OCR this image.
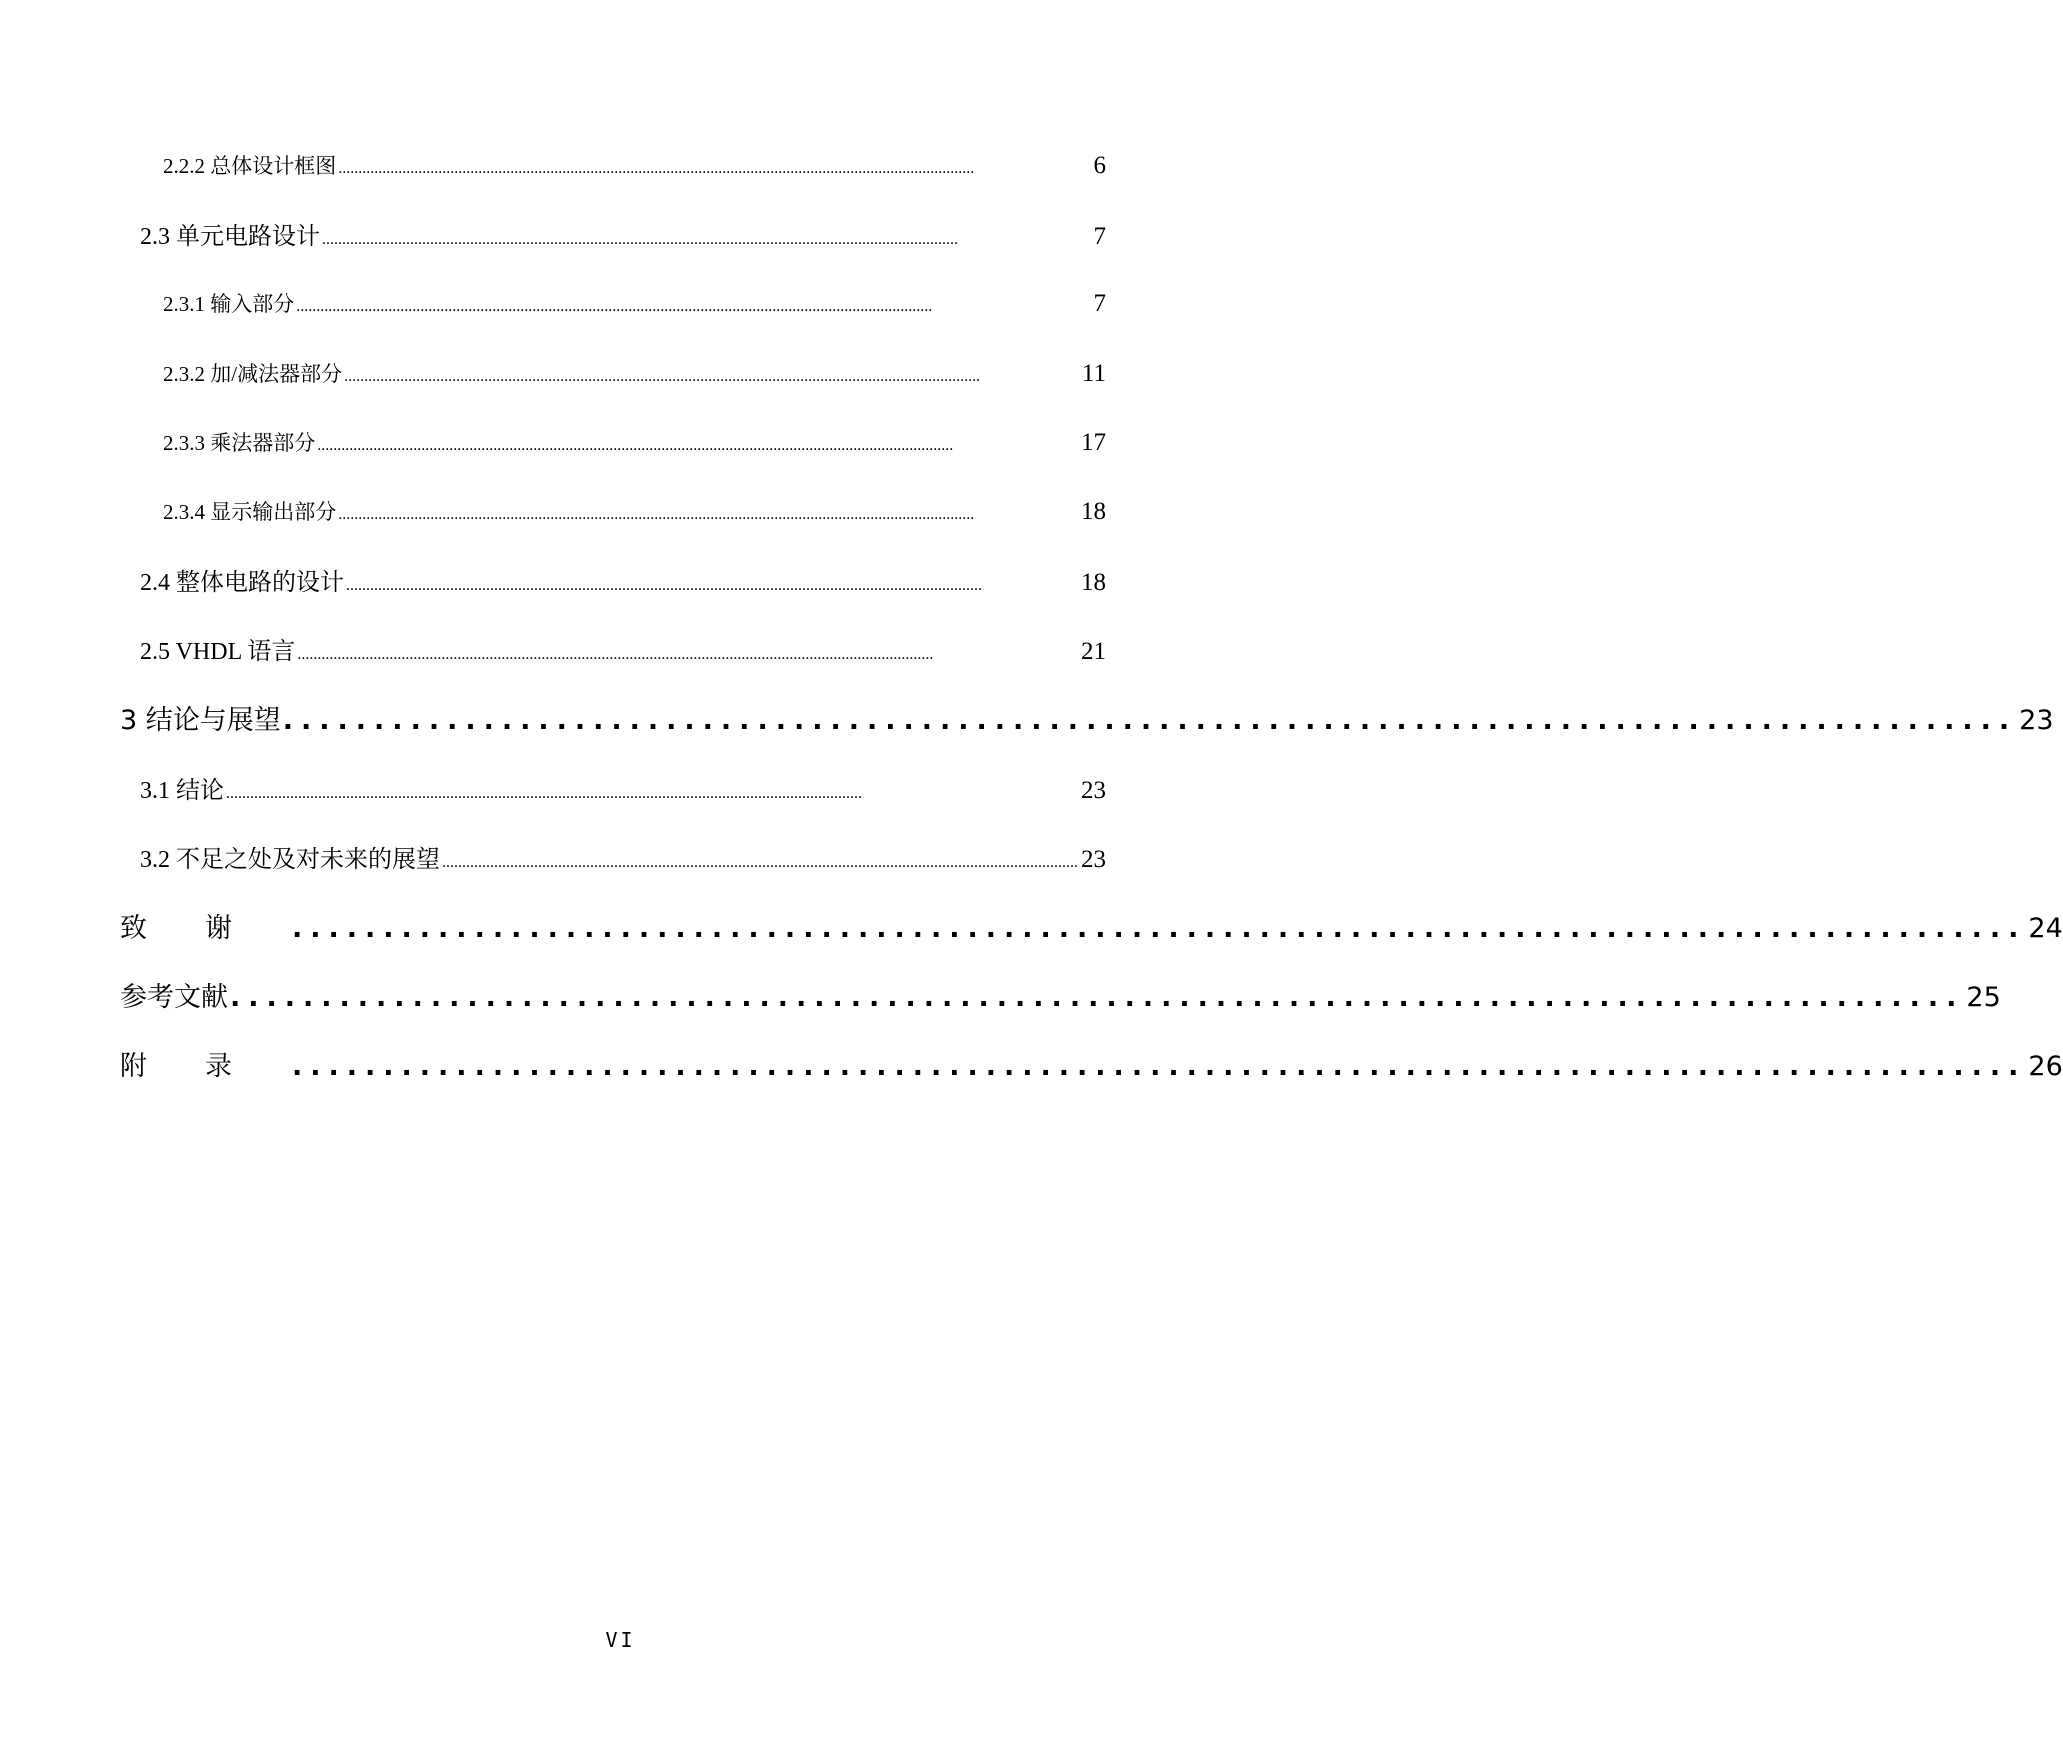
2.2.2 总体设计框图 ...............................................................................................................................................................	6
2.3 单元电路设计 ...............................................................................................................................................................	7
2.3.1 输入部分 ...............................................................................................................................................................	7
2.3.2 加/减法器部分 ...............................................................................................................................................................	11
2.3.3 乘法器部分 ...............................................................................................................................................................	17
2.3.4 显示输出部分 ...............................................................................................................................................................	18
2.4 整体电路的设计 ...............................................................................................................................................................	18
2.5 VHDL 语言 ...............................................................................................................................................................	21
3 结论与展望 ............................................................................................... 23
3.1 结论 ...............................................................................................................................................................	23
3.2 不足之处及对未来的展望 ............................................................................................................................................................... 23
致谢 ............................................................................................... 24
参考文献 ............................................................................................... 25
附录 ............................................................................................... 26
VI
